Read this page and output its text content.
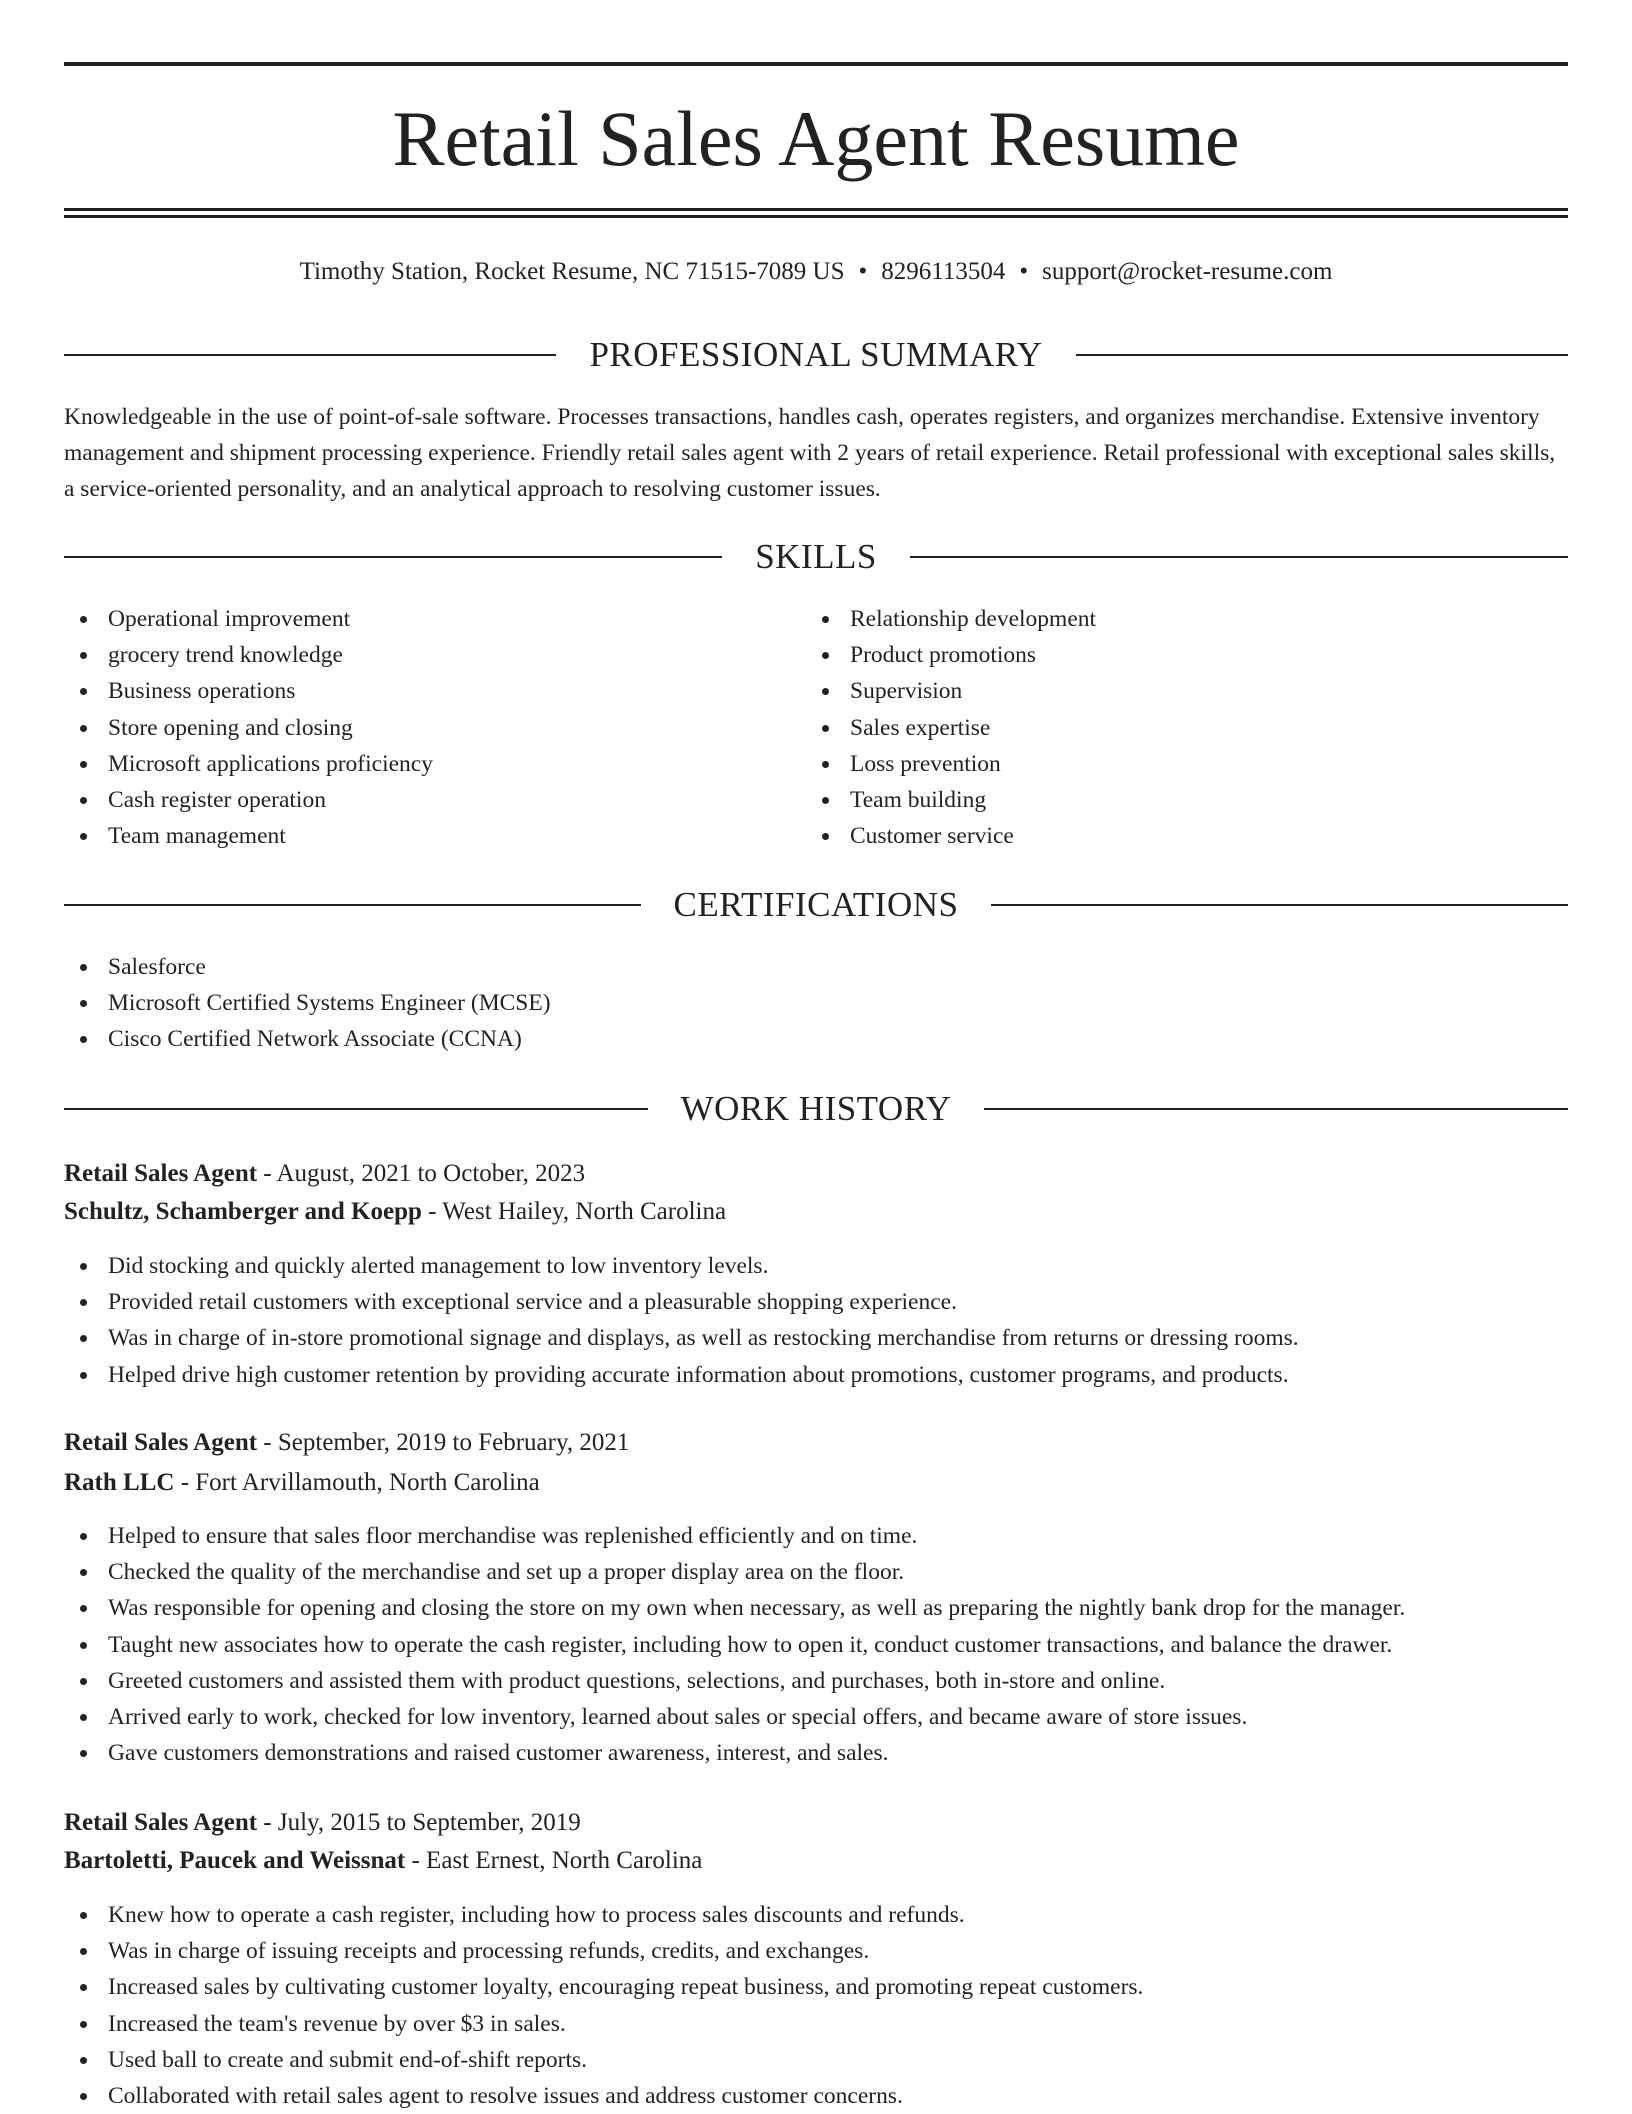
Retail Sales Agent Resume
Timothy Station, Rocket Resume, NC 71515-7089 US • 8296113504 • support@rocket-resume.com
PROFESSIONAL SUMMARY

Knowledgeable in the use of point-of-sale software. Processes transactions, handles cash, operates registers, and organizes merchandise. Extensive inventory management and shipment processing experience. Friendly retail sales agent with 2 years of retail experience. Retail professional with exceptional sales skills, a service-oriented personality, and an analytical approach to resolving customer issues.

SKILLS
Operational improvement
grocery trend knowledge
Business operations
Store opening and closing
Microsoft applications proficiency
Cash register operation
Team management
Relationship development
Product promotions
Supervision
Sales expertise
Loss prevention
Team building
Customer service
CERTIFICATIONS
Salesforce
Microsoft Certified Systems Engineer (MCSE)
Cisco Certified Network Associate (CCNA)
WORK HISTORY
Retail Sales Agent - August, 2021 to October, 2023
Schultz, Schamberger and Koepp - West Hailey, North Carolina
Did stocking and quickly alerted management to low inventory levels.
Provided retail customers with exceptional service and a pleasurable shopping experience.
Was in charge of in-store promotional signage and displays, as well as restocking merchandise from returns or dressing rooms.
Helped drive high customer retention by providing accurate information about promotions, customer programs, and products.
Retail Sales Agent - September, 2019 to February, 2021
Rath LLC - Fort Arvillamouth, North Carolina
Helped to ensure that sales floor merchandise was replenished efficiently and on time.
Checked the quality of the merchandise and set up a proper display area on the floor.
Was responsible for opening and closing the store on my own when necessary, as well as preparing the nightly bank drop for the manager.
Taught new associates how to operate the cash register, including how to open it, conduct customer transactions, and balance the drawer.
Greeted customers and assisted them with product questions, selections, and purchases, both in-store and online.
Arrived early to work, checked for low inventory, learned about sales or special offers, and became aware of store issues.
Gave customers demonstrations and raised customer awareness, interest, and sales.
Retail Sales Agent - July, 2015 to September, 2019
Bartoletti, Paucek and Weissnat - East Ernest, North Carolina
Knew how to operate a cash register, including how to process sales discounts and refunds.
Was in charge of issuing receipts and processing refunds, credits, and exchanges.
Increased sales by cultivating customer loyalty, encouraging repeat business, and promoting repeat customers.
Increased the team's revenue by over $3 in sales.
Used ball to create and submit end-of-shift reports.
Collaborated with retail sales agent to resolve issues and address customer concerns.
